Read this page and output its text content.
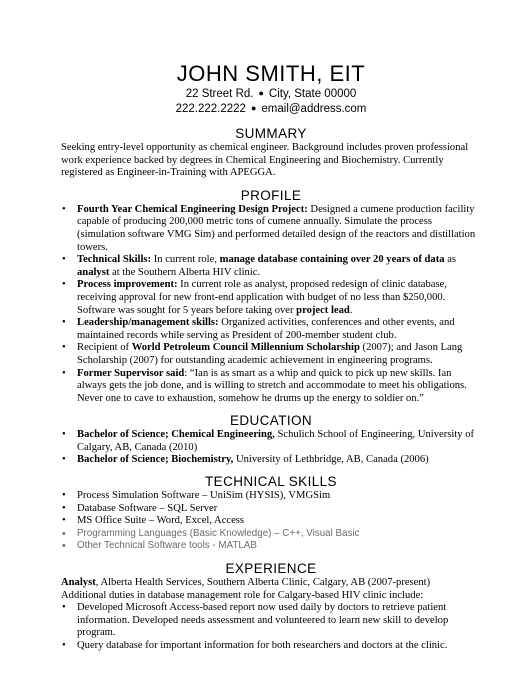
JOHN SMITH, EIT
22 Street Rd. ● City, State 00000
222.222.2222 ● email@address.com
SUMMARY

Seeking entry-level opportunity as chemical engineer. Background includes proven professional work experience backed by degrees in Chemical Engineering and Biochemistry. Currently registered as Engineer-in-Training with APEGGA.

PROFILE
• Fourth Year Chemical Engineering Design Project: Designed a cumene production facility capable of producing 200,000 metric tons of cumene annually. Simulate the process (simulation software VMG Sim) and performed detailed design of the reactors and distillation towers.
• Technical Skills: In current role, manage database containing over 20 years of data as analyst at the Southern Alberta HIV clinic.
• Process improvement: In current role as analyst, proposed redesign of clinic database, receiving approval for new front-end application with budget of no less than $250,000. Software was sought for 5 years before taking over project lead.
• Leadership/management skills: Organized activities, conferences and other events, and maintained records while serving as President of 200-member student club.
• Recipient of World Petroleum Council Millennium Scholarship (2007); and Jason Lang Scholarship (2007) for outstanding academic achievement in engineering programs.
• Former Supervisor said: “Ian is as smart as a whip and quick to pick up new skills. Ian always gets the job done, and is willing to stretch and accommodate to meet his obligations. Never one to cave to exhaustion, somehow he drums up the energy to soldier on.”
EDUCATION
• Bachelor of Science; Chemical Engineering, Schulich School of Engineering, University of Calgary, AB, Canada (2010)
• Bachelor of Science; Biochemistry, University of Lethbridge, AB, Canada (2006)
TECHNICAL SKILLS
• Process Simulation Software – UniSim (HYSIS), VMGSim
• Database Software – SQL Server
• MS Office Suite – Word, Excel, Access
• Programming Languages (Basic Knowledge) – C++, Visual Basic
• Other Technical Software tools - MATLAB
EXPERIENCE

Analyst, Alberta Health Services, Southern Alberta Clinic, Calgary, AB (2007-present)

Additional duties in database management role for Calgary-based HIV clinic include:

• Developed Microsoft Access-based report now used daily by doctors to retrieve patient information. Developed needs assessment and volunteered to learn new skill to develop program.
• Query database for important information for both researchers and doctors at the clinic.
